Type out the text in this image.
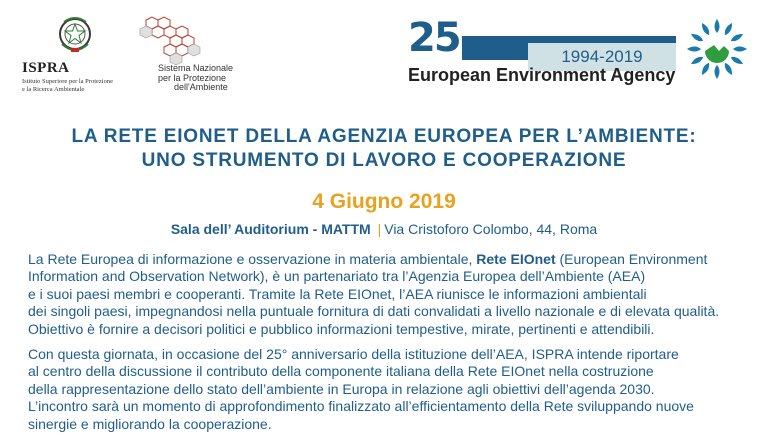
ISPRA
Istituto Superiore per la Protezione
e la Ricerca Ambientale
Sistema Nazionale
per la Protezione
dell'Ambiente
25	1994-2019
European Environment Agency
LA RETE EIONET DELLA AGENZIA EUROPEA PER L’AMBIENTE:
UNO STRUMENTO DI LAVORO E COOPERAZIONE
4 Giugno 2019
Sala dell’ Auditorium - MATTM | Via Cristoforo Colombo, 44, Roma
La Rete Europea di informazione e osservazione in materia ambientale, Rete EIOnet (European Environment
Information and Observation Network), è un partenariato tra l’Agenzia Europea dell’Ambiente (AEA)
e i suoi paesi membri e cooperanti. Tramite la Rete EIOnet, l’AEA riunisce le informazioni ambientali
dei singoli paesi, impegnandosi nella puntuale fornitura di dati convalidati a livello nazionale e di elevata qualità.
Obiettivo è fornire a decisori politici e pubblico informazioni tempestive, mirate, pertinenti e attendibili.
Con questa giornata, in occasione del 25° anniversario della istituzione dell’AEA, ISPRA intende riportare
al centro della discussione il contributo della componente italiana della Rete EIOnet nella costruzione
della rappresentazione dello stato dell’ambiente in Europa in relazione agli obiettivi dell’agenda 2030.
L’incontro sarà un momento di approfondimento finalizzato all’efficientamento della Rete sviluppando nuove
sinergie e migliorando la cooperazione.
